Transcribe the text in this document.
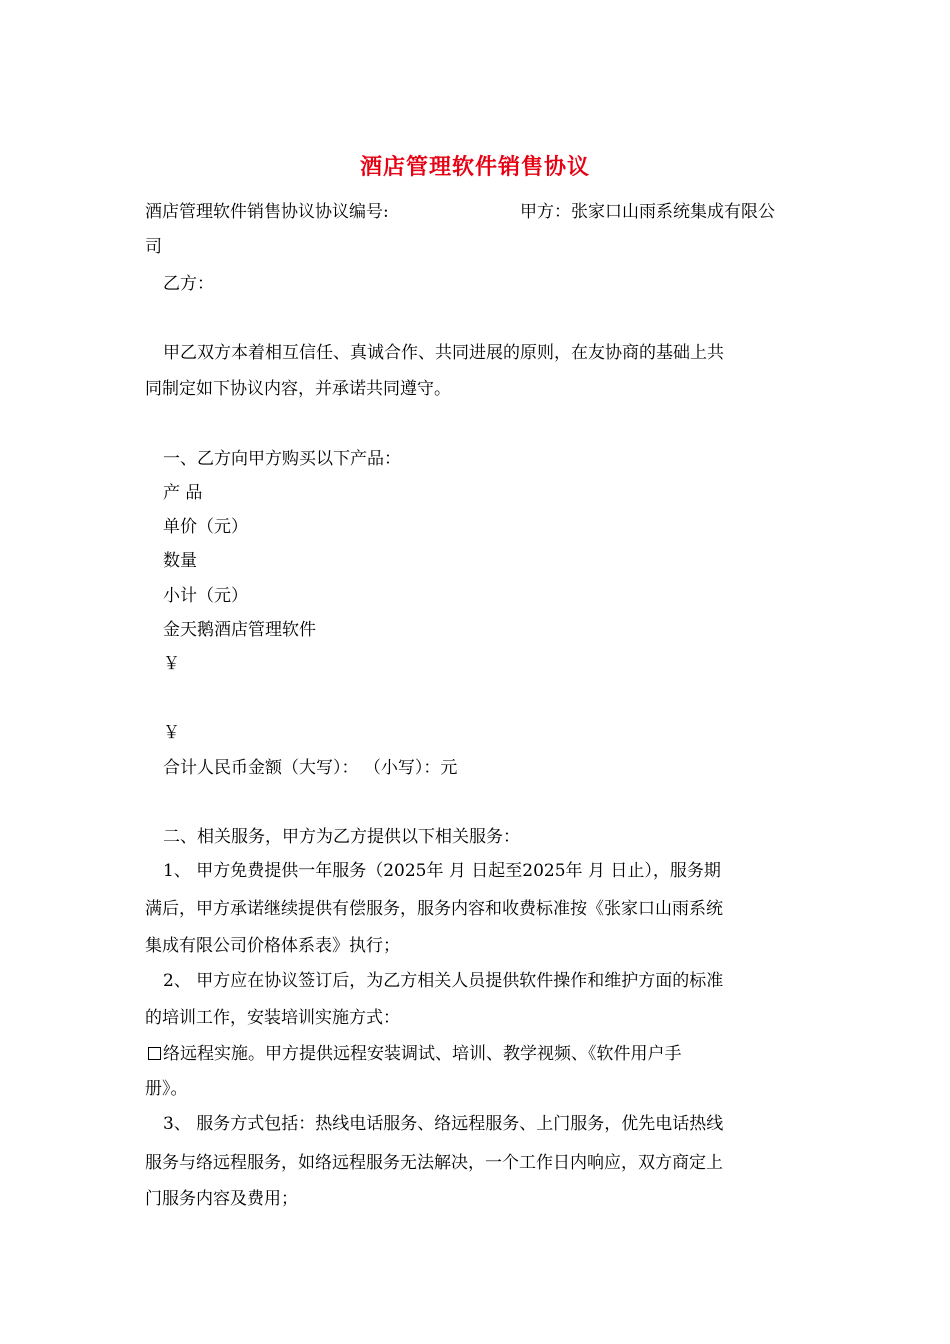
酒店管理软件销售协议
酒店管理软件销售协议协议编号:	甲方：张家口山雨系统集成有限公
司
乙方：
甲乙双方本着相互信任、真诚合作、共同进展的原则，在友协商的基础上共
同制定如下协议内容，并承诺共同遵守。
一、乙方向甲方购买以下产品：
产 品
单价（元）
数量
小计（元）
金天鹅酒店管理软件
￥
￥
合计人民币金额（大写）： （小写）：元
二、相关服务，甲方为乙方提供以下相关服务：
1、 甲方免费提供一年服务（2025年 月 日起至2025年 月 日止），服务期
满后，甲方承诺继续提供有偿服务，服务内容和收费标准按《张家口山雨系统
集成有限公司价格体系表》执行；
2、 甲方应在协议签订后，为乙方相关人员提供软件操作和维护方面的标准
的培训工作，安装培训实施方式：
络远程实施。甲方提供远程安装调试、培训、教学视频、《软件用户手
册》。
3、 服务方式包括：热线电话服务、络远程服务、上门服务，优先电话热线
服务与络远程服务，如络远程服务无法解决，一个工作日内响应，双方商定上
门服务内容及费用；
